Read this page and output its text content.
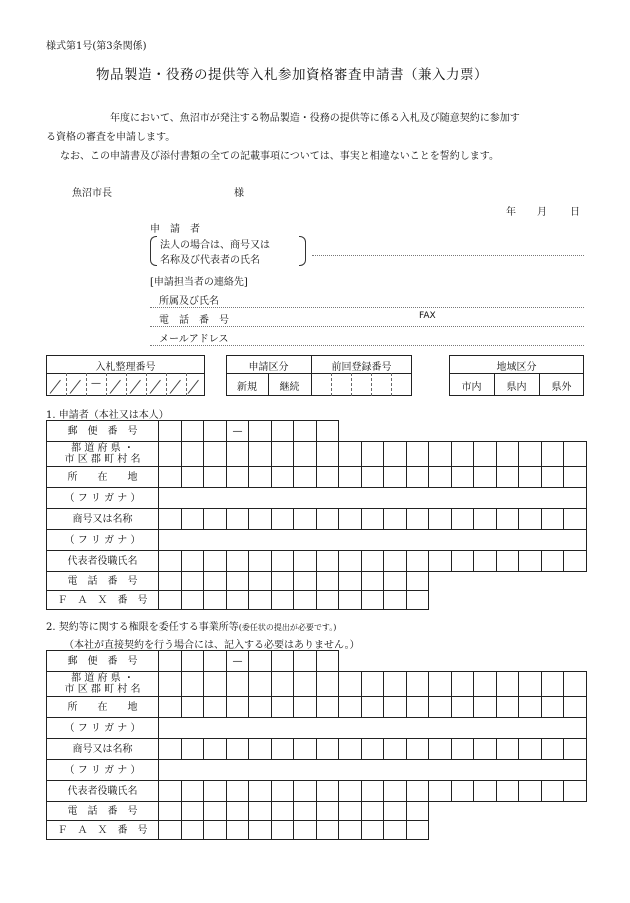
様式第1号(第3条関係)
物品製造・役務の提供等入札参加資格審査申請書（兼入力票）
年度において、魚沼市が発注する物品製造・役務の提供等に係る入札及び随意契約に参加す
る資格の審査を申請します。
なお、この申請書及び添付書類の全ての記載事項については、事実と相違ないことを誓約します。
魚沼市長	様
年 月 日
申　請　者
法人の場合は、商号又は
名称及び代表者の氏名
[申請担当者の連絡先]
所属及び氏名
電　話　番　号	FAX
メールアドレス
入札整理番号
—
申請区分	前回登録番号
新規	継続
地域区分
市内	県内	県外
1. 申請者（本社又は本人）
郵　便　番　号	—
都 道 府 県 ・
市 区 郡 町 村 名
所　　在　　地
（ フ リ ガ ナ ）
商号又は名称
（ フ リ ガ ナ ）
代表者役職氏名
電　話　番　号
Ｆ　Ａ　Ｘ　番　号
2. 契約等に関する権限を委任する事業所等(委任状の提出が必要です。)
（本社が直接契約を行う場合には、記入する必要はありません。）
郵　便　番　号	—
都 道 府 県 ・
市 区 郡 町 村 名
所　　在　　地
（ フ リ ガ ナ ）
商号又は名称
（ フ リ ガ ナ ）
代表者役職氏名
電　話　番　号
Ｆ　Ａ　Ｘ　番　号
